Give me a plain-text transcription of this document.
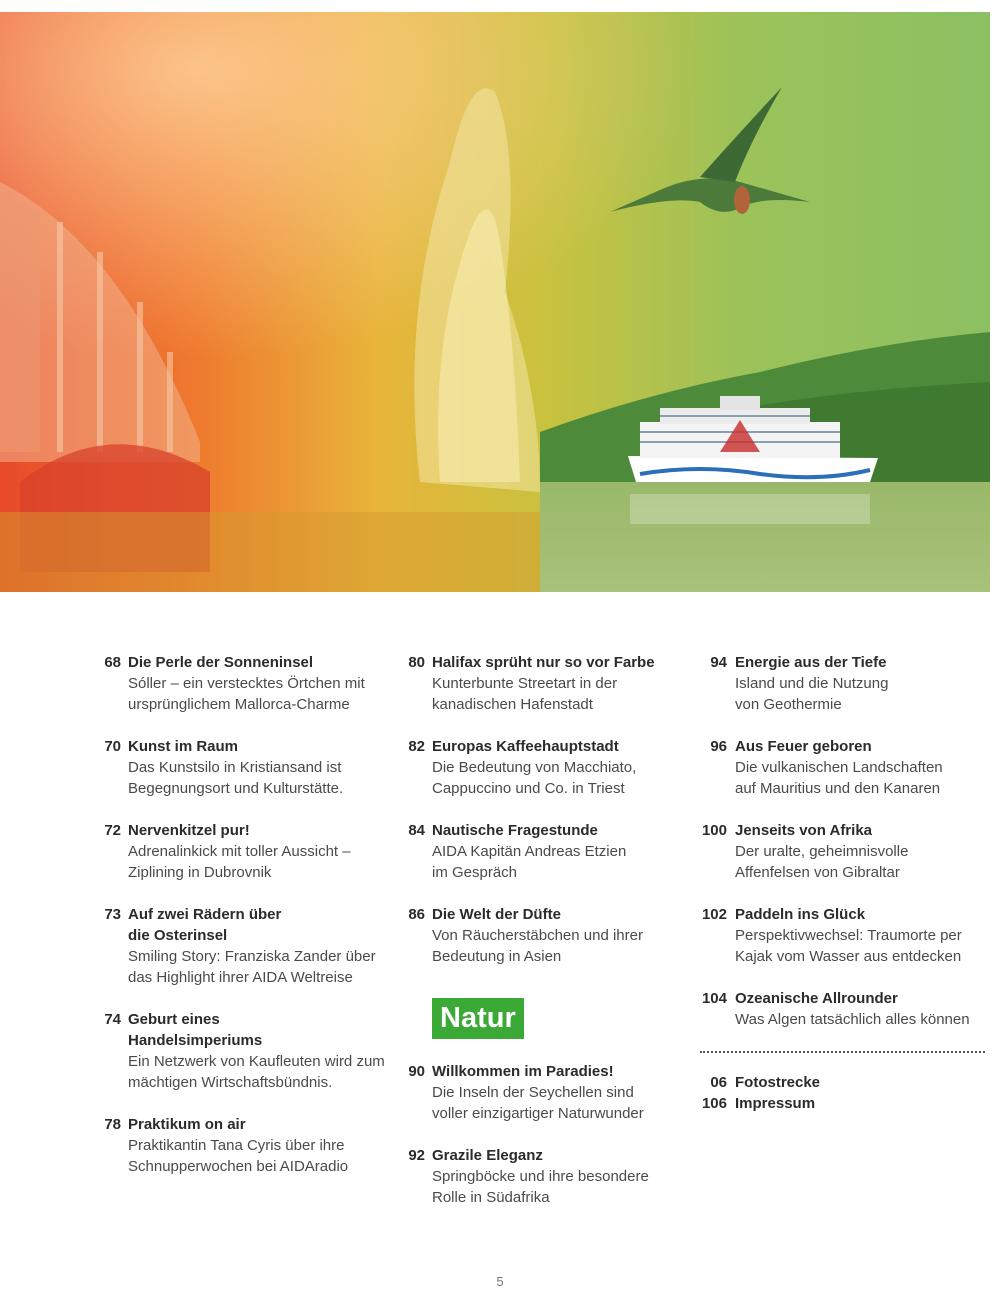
68 Die Perle der Sonneninsel
Sóller – ein verstecktes Örtchen mit ursprünglichem Mallorca-Charme
70 Kunst im Raum
Das Kunstsilo in Kristiansand ist Begegnungsort und Kulturstätte.
72 Nervenkitzel pur!
Adrenalinkick mit toller Aussicht – Ziplining in Dubrovnik
73 Auf zwei Rädern über die Osterinsel
Smiling Story: Franziska Zander über das Highlight ihrer AIDA Weltreise
74 Geburt eines Handelsimperiums
Ein Netzwerk von Kaufleuten wird zum mächtigen Wirtschaftsbündnis.
78 Praktikum on air
Praktikantin Tana Cyris über ihre Schnupperwochen bei AIDAradio
80 Halifax sprüht nur so vor Farbe
Kunterbunte Streetart in der kanadischen Hafenstadt
82 Europas Kaffeehauptstadt
Die Bedeutung von Macchiato, Cappuccino und Co. in Triest
84 Nautische Fragestunde
AIDA Kapitän Andreas Etzien im Gespräch
86 Die Welt der Düfte
Von Räucherstäbchen und ihrer Bedeutung in Asien
Natur
90 Willkommen im Paradies!
Die Inseln der Seychellen sind voller einzigartiger Naturwunder
92 Grazile Eleganz
Springböcke und ihre besondere Rolle in Südafrika
94 Energie aus der Tiefe
Island und die Nutzung von Geothermie
96 Aus Feuer geboren
Die vulkanischen Landschaften auf Mauritius und den Kanaren
100 Jenseits von Afrika
Der uralte, geheimnisvolle Affenfelsen von Gibraltar
102 Paddeln ins Glück
Perspektivwechsel: Traumorte per Kajak vom Wasser aus entdecken
104 Ozeanische Allrounder
Was Algen tatsächlich alles können
06 Fotostrecke
106 Impressum
5
